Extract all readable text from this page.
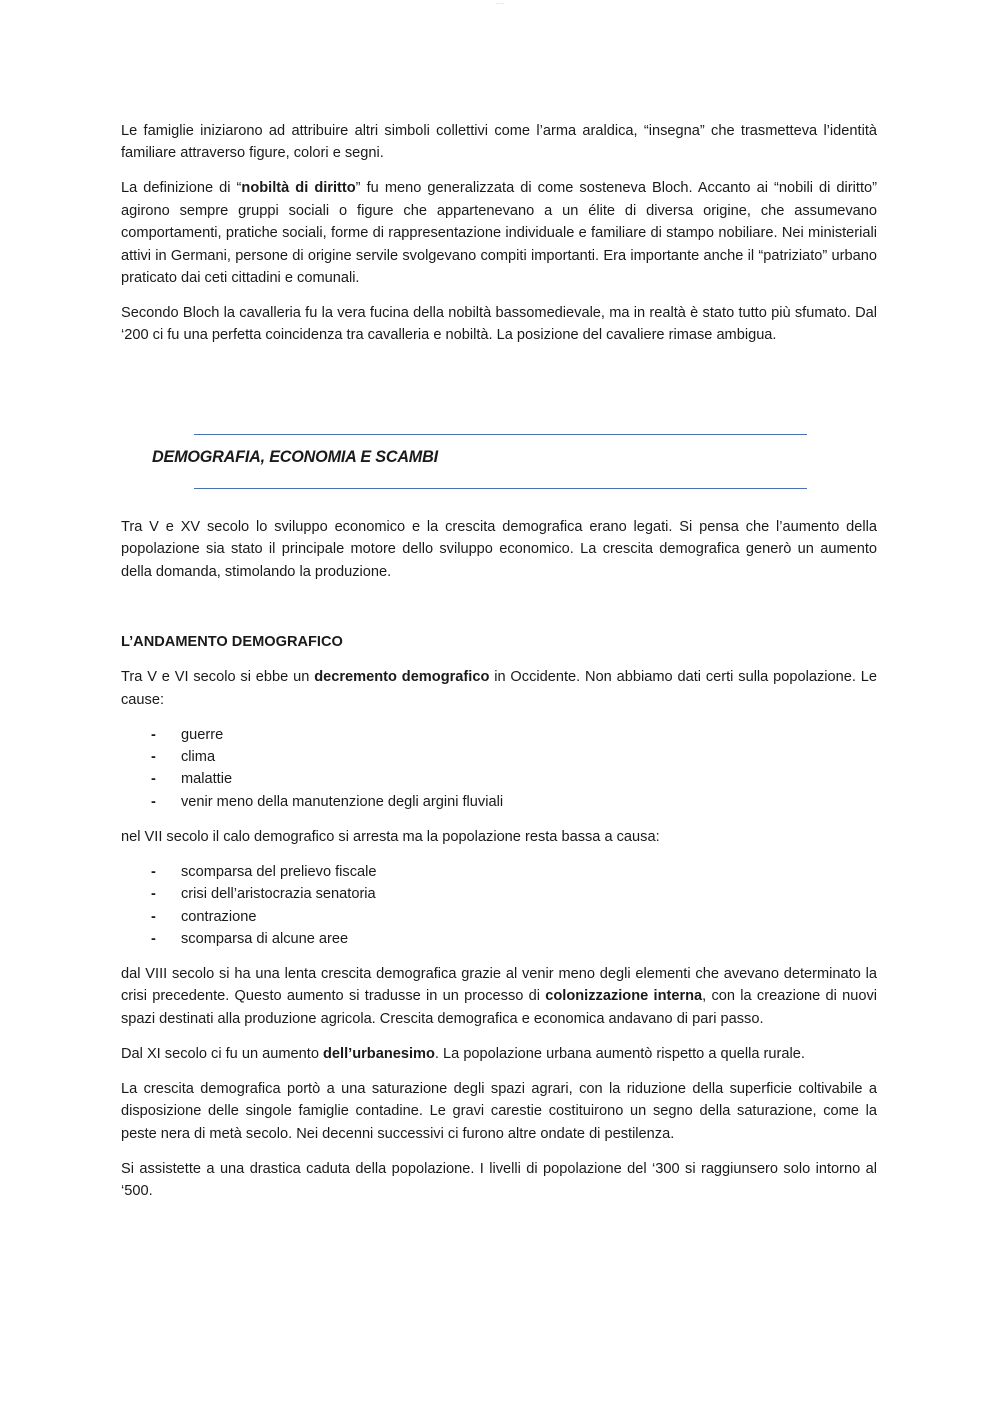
— —

Le famiglie iniziarono ad attribuire altri simboli collettivi come l’arma araldica, “insegna” che trasmetteva l’identità familiare attraverso figure, colori e segni.

La definizione di “nobiltà di diritto” fu meno generalizzata di come sosteneva Bloch. Accanto ai “nobili di diritto” agirono sempre gruppi sociali o figure che appartenevano a un élite di diversa origine, che assumevano comportamenti, pratiche sociali, forme di rappresentazione individuale e familiare di stampo nobiliare. Nei ministeriali attivi in Germani, persone di origine servile svolgevano compiti importanti. Era importante anche il “patriziato” urbano praticato dai ceti cittadini e comunali.

Secondo Bloch la cavalleria fu la vera fucina della nobiltà bassomedievale, ma in realtà è stato tutto più sfumato. Dal ‘200 ci fu una perfetta coincidenza tra cavalleria e nobiltà. La posizione del cavaliere rimase ambigua.

DEMOGRAFIA, ECONOMIA E SCAMBI

Tra V e XV secolo lo sviluppo economico e la crescita demografica erano legati. Si pensa che l’aumento della popolazione sia stato il principale motore dello sviluppo economico. La crescita demografica generò un aumento della domanda, stimolando la produzione.

L’ANDAMENTO DEMOGRAFICO

Tra V e VI secolo si ebbe un decremento demografico in Occidente. Non abbiamo dati certi sulla popolazione. Le cause:

- guerre
- clima
- malattie
- venir meno della manutenzione degli argini fluviali

nel VII secolo il calo demografico si arresta ma la popolazione resta bassa a causa:

- scomparsa del prelievo fiscale
- crisi dell’aristocrazia senatoria
- contrazione
- scomparsa di alcune aree

dal VIII secolo si ha una lenta crescita demografica grazie al venir meno degli elementi che avevano determinato la crisi precedente. Questo aumento si tradusse in un processo di colonizzazione interna, con la creazione di nuovi spazi destinati alla produzione agricola. Crescita demografica e economica andavano di pari passo.

Dal XI secolo ci fu un aumento dell’urbanesimo. La popolazione urbana aumentò rispetto a quella rurale.

La crescita demografica portò a una saturazione degli spazi agrari, con la riduzione della superficie coltivabile a disposizione delle singole famiglie contadine. Le gravi carestie costituirono un segno della saturazione, come la peste nera di metà secolo. Nei decenni successivi ci furono altre ondate di pestilenza.

Si assistette a una drastica caduta della popolazione. I livelli di popolazione del ‘300 si raggiunsero solo intorno al ‘500.
